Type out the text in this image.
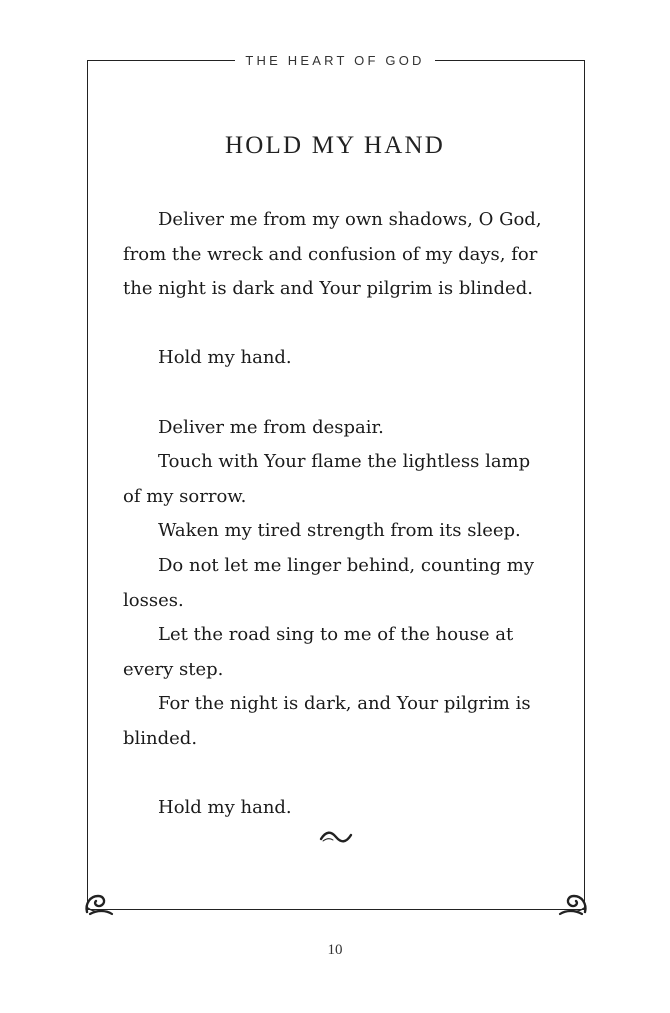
THE HEART OF GOD
HOLD MY HAND

Deliver me from my own shadows, O God, from the wreck and confusion of my days, for the night is dark and Your pilgrim is blinded.

Hold my hand.

Deliver me from despair.

Touch with Your flame the lightless lamp of my sorrow.

Waken my tired strength from its sleep.

Do not let me linger behind, counting my losses.

Let the road sing to me of the house at every step.

For the night is dark, and Your pilgrim is blinded.

Hold my hand.

10
